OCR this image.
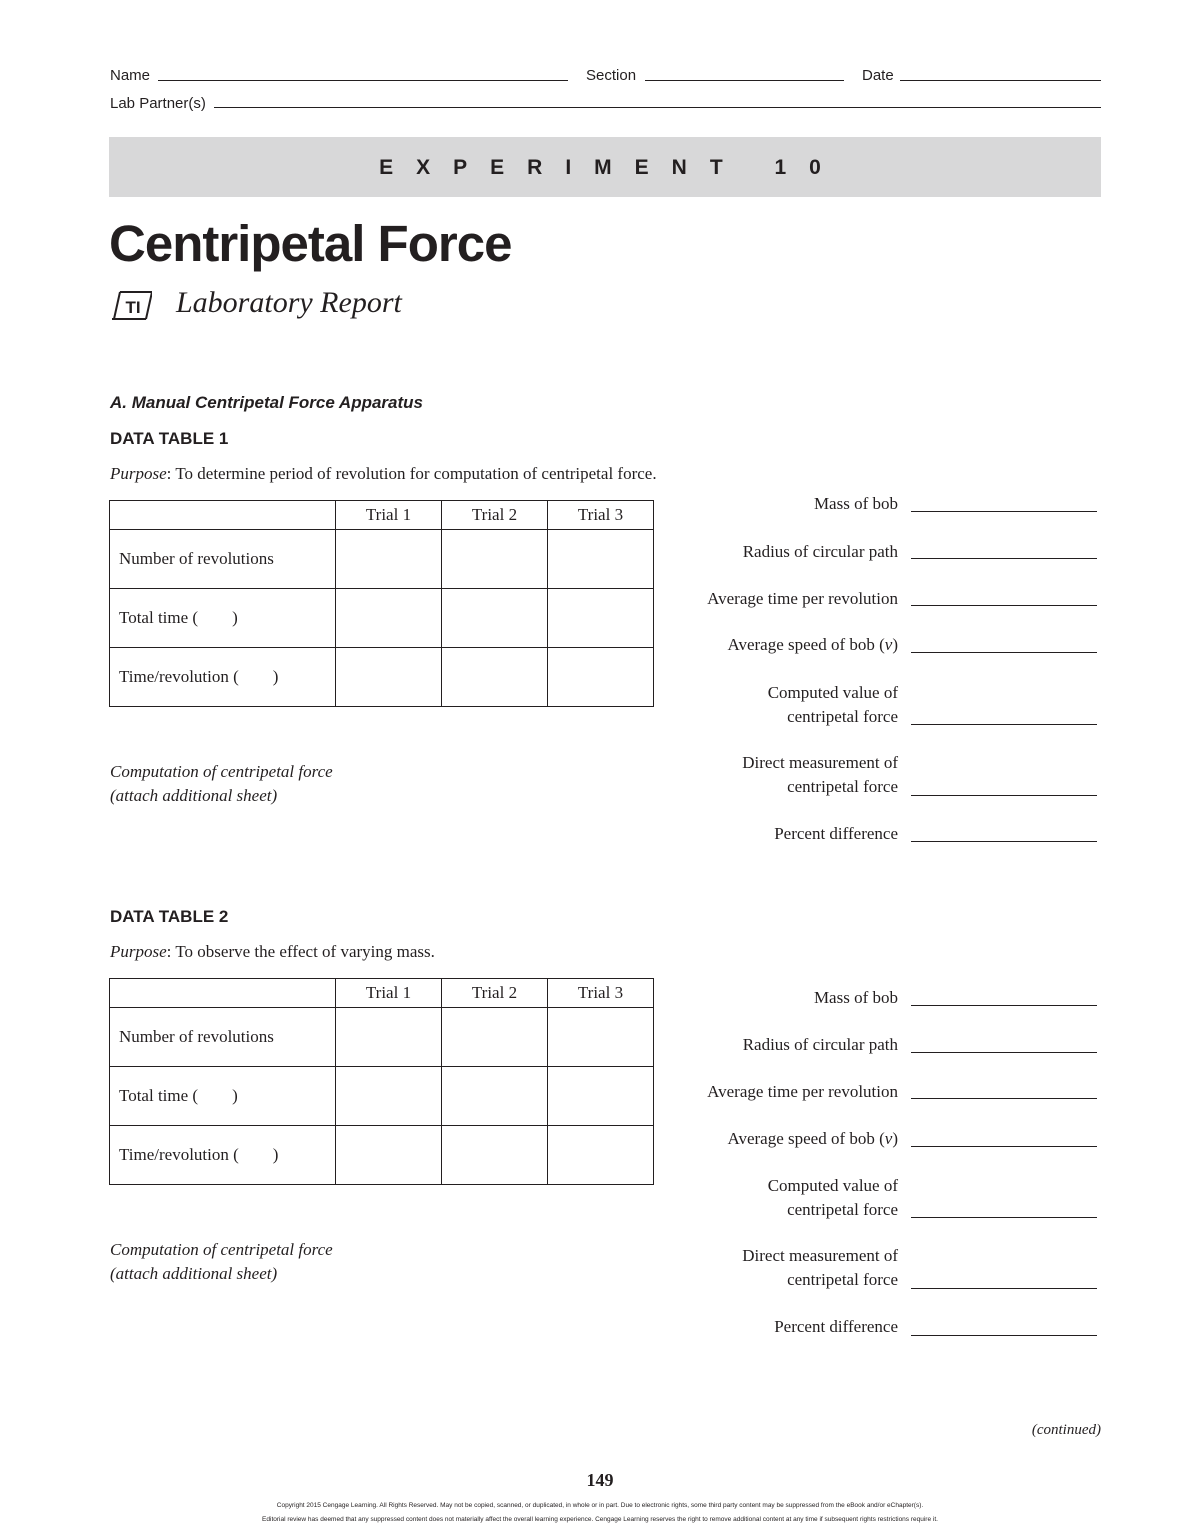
Name	Section	Date
Lab Partner(s)
EXPERIMENT 10
Centripetal Force
TI Laboratory Report
A. Manual Centripetal Force Apparatus
DATA TABLE 1
Purpose: To determine period of revolution for computation of centripetal force.
	Trial 1	Trial 2	Trial 3
Number of revolutions			
Total time (        )			
Time/revolution (        )			
Computation of centripetal force
(attach additional sheet)
Mass of bob
Radius of circular path
Average time per revolution
Average speed of bob (v)
Computed value of
centripetal force
Direct measurement of
centripetal force
Percent difference
DATA TABLE 2
Purpose: To observe the effect of varying mass.
	Trial 1	Trial 2	Trial 3
Number of revolutions			
Total time (        )			
Time/revolution (        )			
Computation of centripetal force
(attach additional sheet)
Mass of bob
Radius of circular path
Average time per revolution
Average speed of bob (v)
Computed value of
centripetal force
Direct measurement of
centripetal force
Percent difference
(continued)
149
Copyright 2015 Cengage Learning. All Rights Reserved. May not be copied, scanned, or duplicated, in whole or in part. Due to electronic rights, some third party content may be suppressed from the eBook and/or eChapter(s).
Editorial review has deemed that any suppressed content does not materially affect the overall learning experience. Cengage Learning reserves the right to remove additional content at any time if subsequent rights restrictions require it.
